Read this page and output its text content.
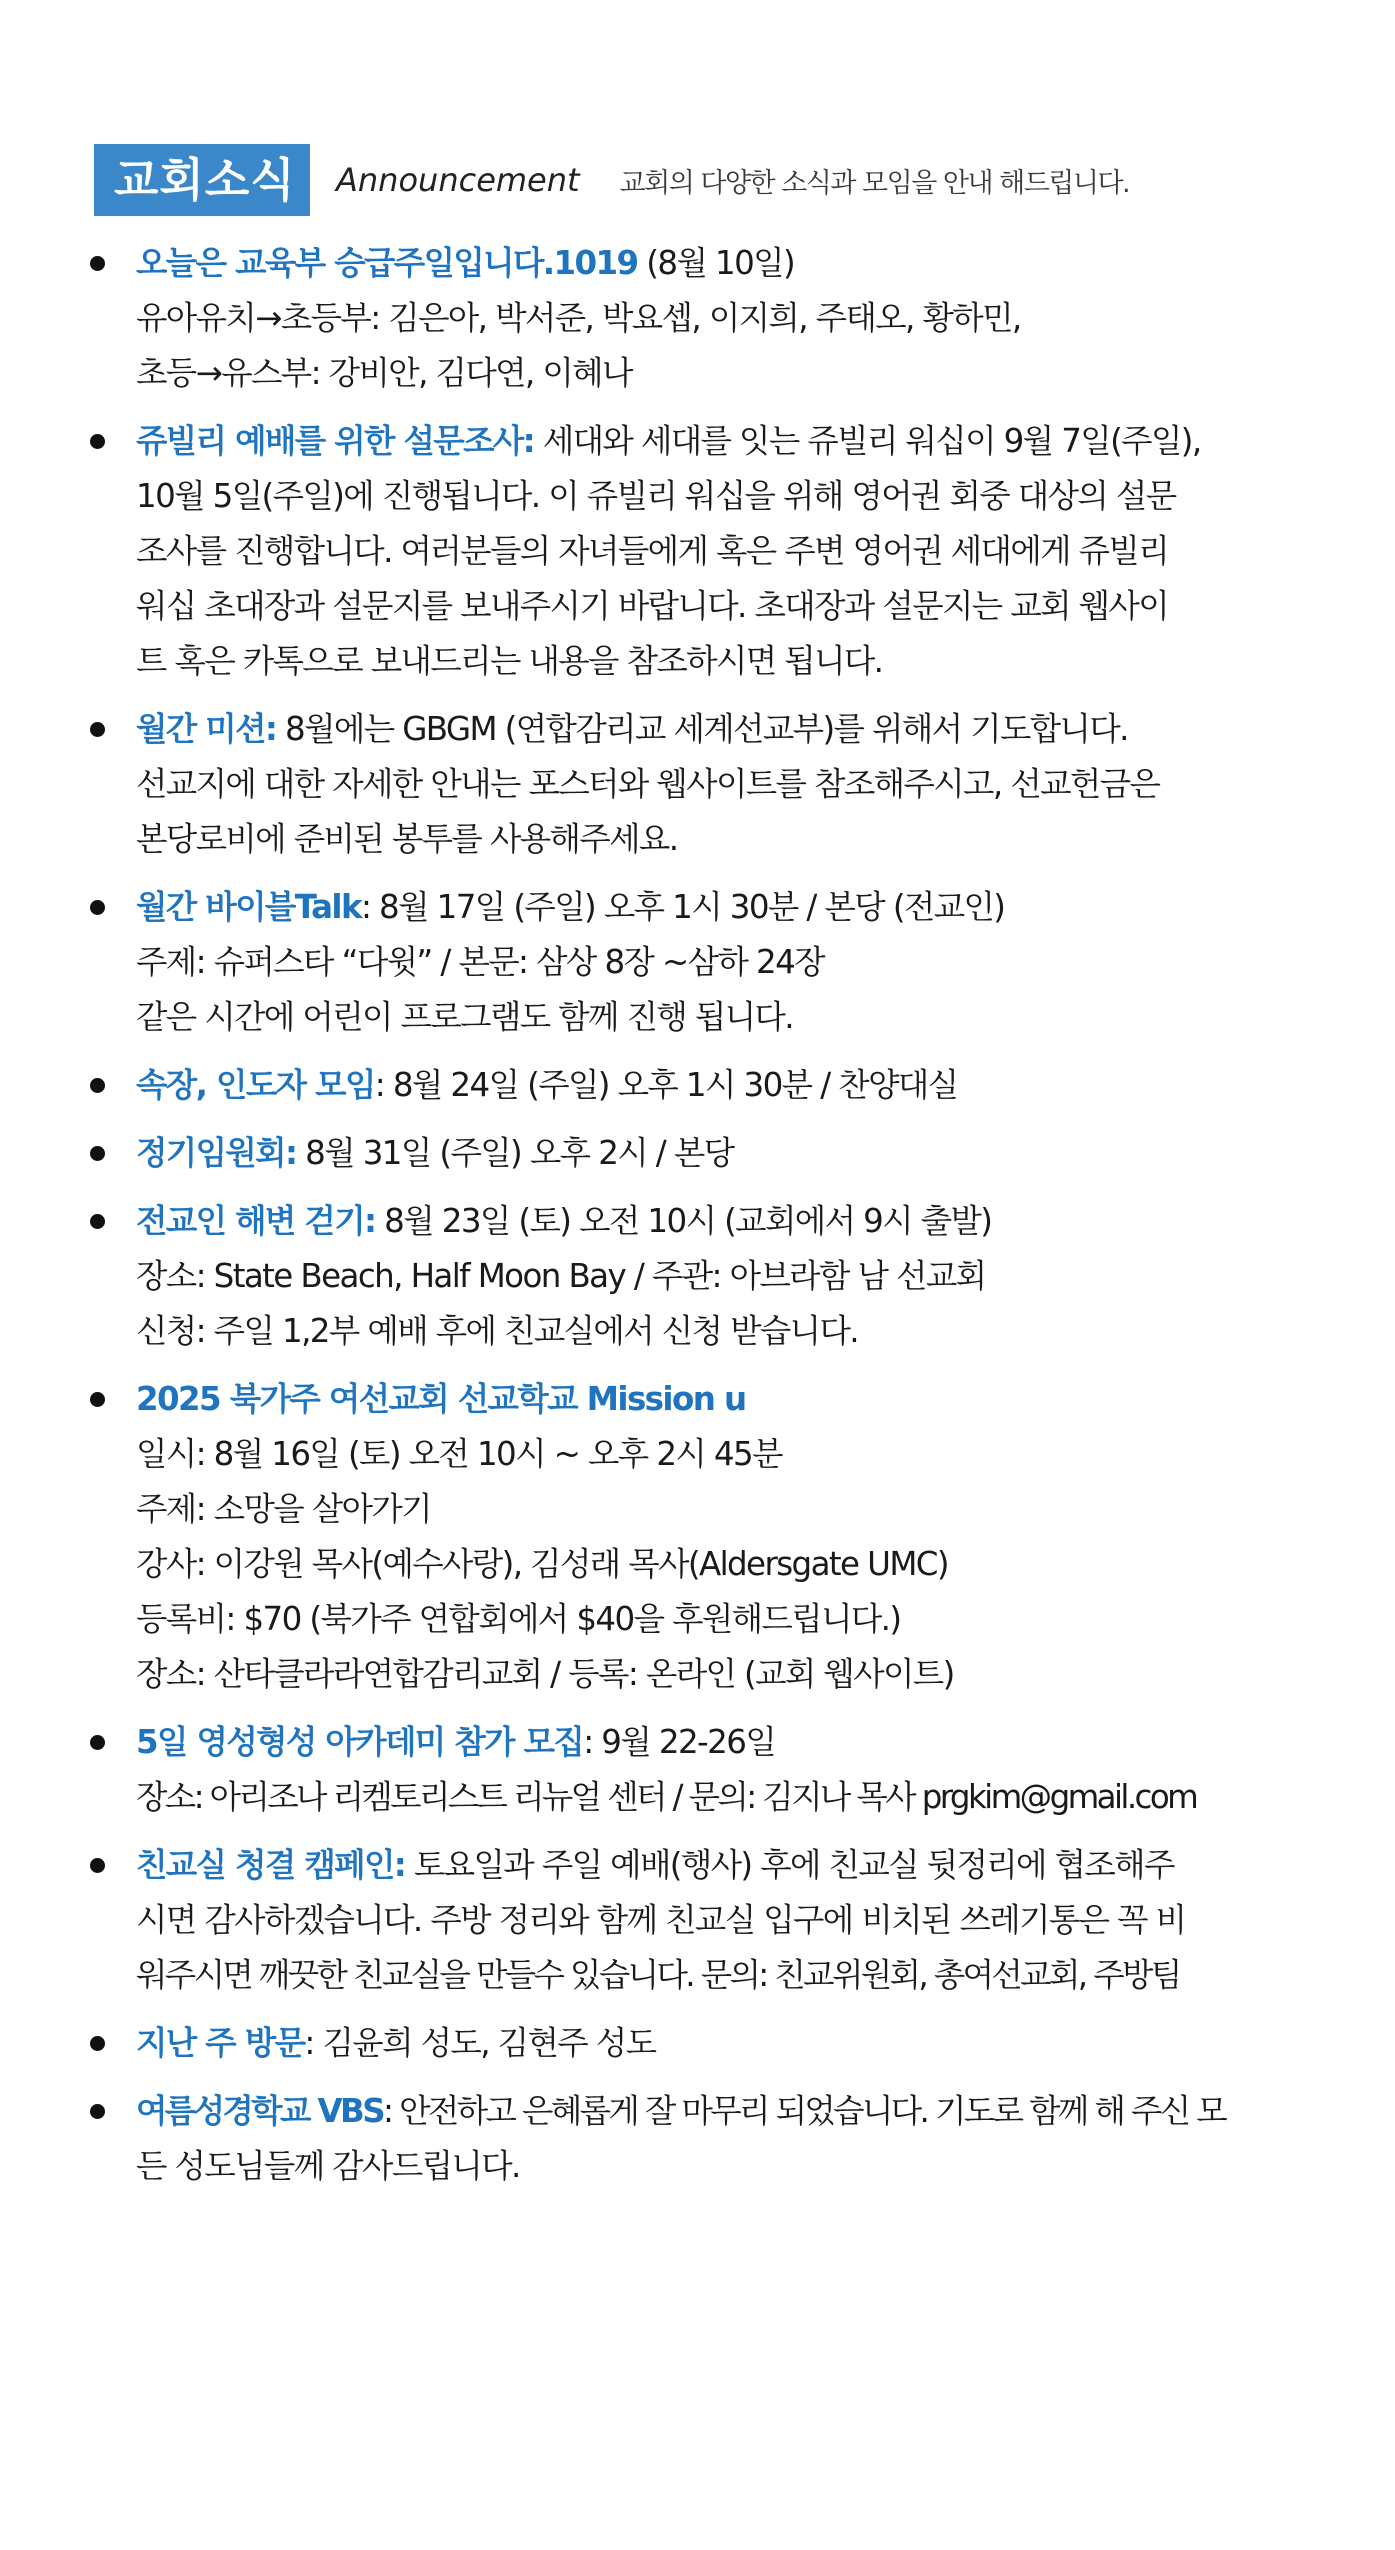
교회소식	Announcement 교회의 다양한 소식과 모임을 안내 해드립니다.
오늘은 교육부 승급주일입니다.1019 (8월 10일)
유아유치→초등부: 김은아, 박서준, 박요셉, 이지희, 주태오, 황하민,
초등→유스부: 강비안, 김다연, 이혜나
쥬빌리 예배를 위한 설문조사: 세대와 세대를 잇는 쥬빌리 워십이 9월 7일(주일),
10월 5일(주일)에 진행됩니다. 이 쥬빌리 워십을 위해 영어권 회중 대상의 설문
조사를 진행합니다. 여러분들의 자녀들에게 혹은 주변 영어권 세대에게 쥬빌리
워십 초대장과 설문지를 보내주시기 바랍니다. 초대장과 설문지는 교회 웹사이
트 혹은 카톡으로 보내드리는 내용을 참조하시면 됩니다.
월간 미션: 8월에는 GBGM (연합감리교 세계선교부)를 위해서 기도합니다.
선교지에 대한 자세한 안내는 포스터와 웹사이트를 참조해주시고, 선교헌금은
본당로비에 준비된 봉투를 사용해주세요.
월간 바이블Talk: 8월 17일 (주일) 오후 1시 30분 / 본당 (전교인)
주제: 슈퍼스타 “다윗” / 본문: 삼상 8장 ~삼하 24장
같은 시간에 어린이 프로그램도 함께 진행 됩니다.
속장, 인도자 모임: 8월 24일 (주일) 오후 1시 30분 / 찬양대실
정기임원회: 8월 31일 (주일) 오후 2시 / 본당
전교인 해변 걷기: 8월 23일 (토) 오전 10시 (교회에서 9시 출발)
장소: State Beach, Half Moon Bay / 주관: 아브라함 남 선교회
신청: 주일 1,2부 예배 후에 친교실에서 신청 받습니다.
2025 북가주 여선교회 선교학교 Mission u
일시: 8월 16일 (토) 오전 10시 ~ 오후 2시 45분
주제: 소망을 살아가기
강사: 이강원 목사(예수사랑), 김성래 목사(Aldersgate UMC)
등록비: $70 (북가주 연합회에서 $40을 후원해드립니다.)
장소: 산타클라라연합감리교회 / 등록: 온라인 (교회 웹사이트)
5일 영성형성 아카데미 참가 모집: 9월 22-26일
장소: 아리조나 리켐토리스트 리뉴얼 센터 / 문의: 김지나 목사 prgkim@gmail.com
친교실 청결 캠페인: 토요일과 주일 예배(행사) 후에 친교실 뒷정리에 협조해주
시면 감사하겠습니다. 주방 정리와 함께 친교실 입구에 비치된 쓰레기통은 꼭 비
워주시면 깨끗한 친교실을 만들수 있습니다. 문의: 친교위원회, 총여선교회, 주방팀
지난 주 방문: 김윤희 성도, 김현주 성도
여름성경학교 VBS: 안전하고 은혜롭게 잘 마무리 되었습니다. 기도로 함께 해 주신 모
든 성도님들께 감사드립니다.
